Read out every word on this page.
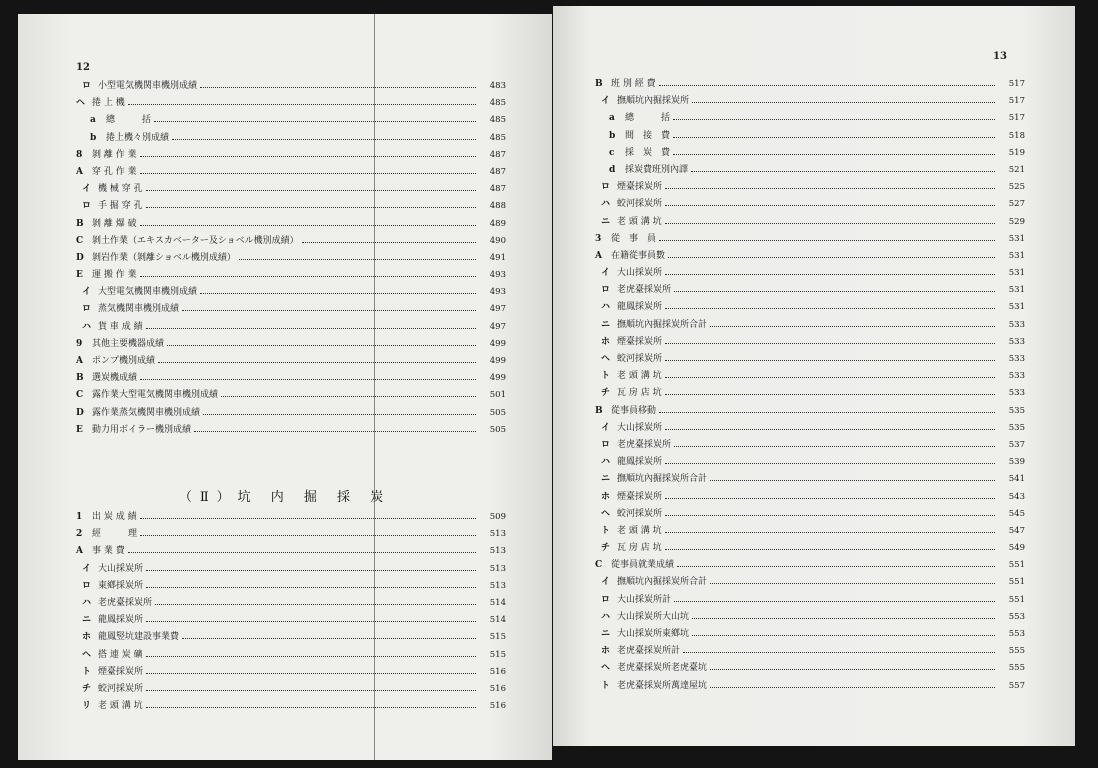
12
ロ 小型電気機関車機別成績	483
ヘ 捲 上 機	485
a 總　　　括	485
b 捲上機々別成績	485
8 剝 離 作 業	487
A 穿 孔 作 業	487
イ 機 械 穿 孔	487
ロ 手 掘 穿 孔	488
B 剝 離 爆 破	489
C 剝土作業（エキスカベーター及ショベル機別成績）	490
D 剝岩作業（剝離ショベル機別成績）	491
E 運 搬 作 業	493
イ 大型電気機関車機別成績	493
ロ 蒸気機関車機別成績	497
ハ 貨 車 成 績	497
9 其他主要機器成績	499
A ポンプ機別成績	499
B 選炭機成績	499
C 露作業大型電気機関車機別成績	501
D 露作業蒸気機関車機別成績	505
E 動力用ボイラー機別成績	505
（Ⅱ）坑 内 掘 採 炭
1 出 炭 成 績	509
2 經　　　理	513
A 事 業 費	513
イ 大山採炭所	513
ロ 東鄕採炭所	513
ハ 老虎臺採炭所	514
ニ 龍鳳採炭所	514
ホ 龍鳳竪坑建設事業費	515
ヘ 搭 連 炭 礦	515
ト 煙臺採炭所	516
チ 蛟河採炭所	516
リ 老 頭 溝 坑	516
13
B 班 別 經 費	517
イ 撫順坑內掘採炭所	517
a 總　　　括	517
b 間　接　費	518
c 採　炭　費	519
d 採炭費班別內譯	521
ロ 煙臺採炭所	525
ハ 蛟河採炭所	527
ニ 老 頭 溝 坑	529
3 從　事　員	531
A 在籍從事員數	531
イ 大山採炭所	531
ロ 老虎臺採炭所	531
ハ 龍鳳採炭所	531
ニ 撫順坑內掘採炭所合計	533
ホ 煙臺採炭所	533
ヘ 蛟河採炭所	533
ト 老 頭 溝 坑	533
チ 瓦 房 店 坑	533
B 從事員移動	535
イ 大山採炭所	535
ロ 老虎臺採炭所	537
ハ 龍鳳採炭所	539
ニ 撫順坑內掘採炭所合計	541
ホ 煙臺採炭所	543
ヘ 蛟河採炭所	545
ト 老 頭 溝 坑	547
チ 瓦 房 店 坑	549
C 從事員就業成績	551
イ 撫順坑內掘採炭所合計	551
ロ 大山採炭所計	551
ハ 大山採炭所大山坑	553
ニ 大山採炭所東鄕坑	553
ホ 老虎臺採炭所計	555
ヘ 老虎臺採炭所老虎臺坑	555
ト 老虎臺採炭所萬達屋坑	557
